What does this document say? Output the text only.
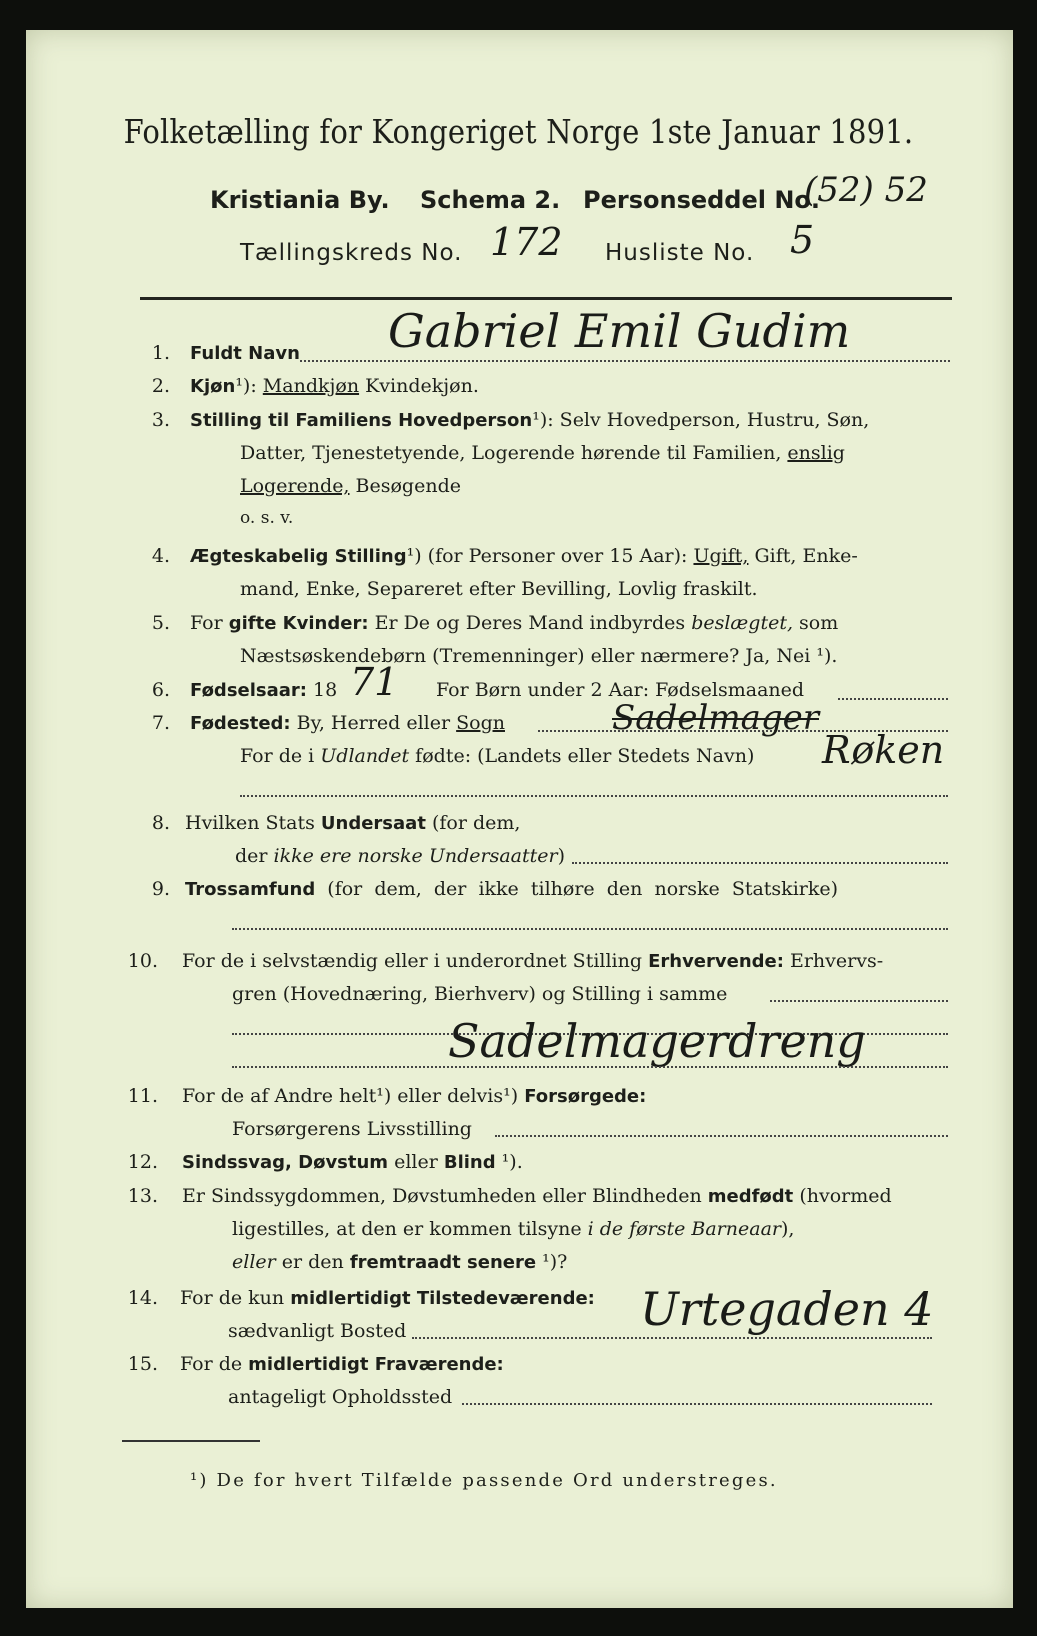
Folketælling for Kongeriget Norge 1ste Januar 1891.
Kristiania By. Schema 2. Personseddel No.
(52) 52
Tællingskreds No. 172 Husliste No. 5
1. Fuldt Navn Gabriel Emil Gudim
2. Kjøn¹): Mandkjøn Kvindekjøn.
3. Stilling til Familiens Hovedperson¹): Selv Hovedperson, Hustru, Søn,
Datter, Tjenestetyende, Logerende hørende til Familien, enslig
Logerende, Besøgende
o. s. v.
4. Ægteskabelig Stilling¹) (for Personer over 15 Aar): Ugift, Gift, Enke-
mand, Enke, Separeret efter Bevilling, Lovlig fraskilt.
5. For gifte Kvinder: Er De og Deres Mand indbyrdes beslægtet, som
Næstsøskendebørn (Tremenninger) eller nærmere? Ja, Nei ¹).
6. Fødselsaar: 18 71 For Børn under 2 Aar: Fødselsmaaned
7. Fødested: By, Herred eller Sogn	Sadelmager
For de i Udlandet fødte: (Landets eller Stedets Navn) Røken
8. Hvilken Stats Undersaat (for dem,
der ikke ere norske Undersaatter)
9. Trossamfund  (for  dem,  der  ikke  tilhøre  den  norske  Statskirke)
10. For de i selvstændig eller i underordnet Stilling Erhvervende: Erhvervs-
gren (Hovednæring, Bierhverv) og Stilling i samme
Sadelmagerdreng
11. For de af Andre helt¹) eller delvis¹) Forsørgede:
Forsørgerens Livsstilling
12. Sindssvag, Døvstum eller Blind ¹).
13. Er Sindssygdommen, Døvstumheden eller Blindheden medfødt (hvormed
ligestilles, at den er kommen tilsyne i de første Barneaar),
eller er den fremtraadt senere ¹)?
14. For de kun midlertidigt Tilstedeværende:
sædvanligt Bosted	Urtegaden 4
15. For de midlertidigt Fraværende:
antageligt Opholdssted
¹) De for hvert Tilfælde passende Ord understreges.
